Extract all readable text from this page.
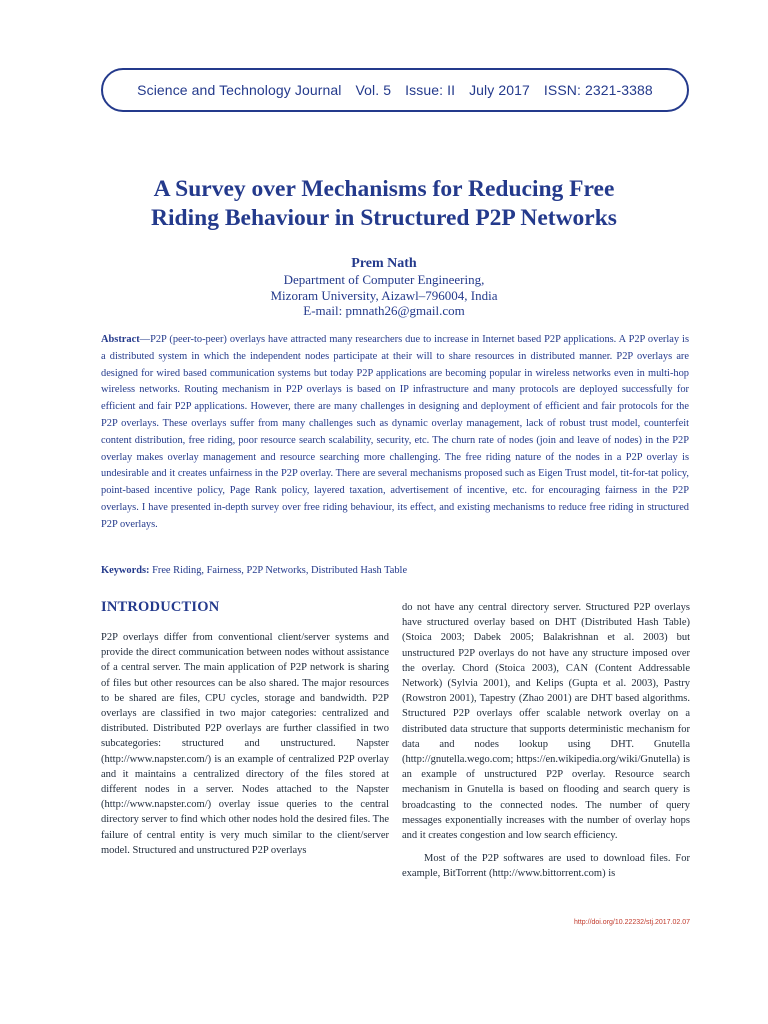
Science and Technology Journal Vol. 5 Issue: II July 2017 ISSN: 2321-3388
A Survey over Mechanisms for Reducing Free
Riding Behaviour in Structured P2P Networks
Prem Nath
Department of Computer Engineering,
Mizoram University, Aizawl–796004, India
E-mail: pmnath26@gmail.com
Abstract—P2P (peer-to-peer) overlays have attracted many researchers due to increase in Internet based P2P applications. A P2P overlay is a distributed system in which the independent nodes participate at their will to share resources in distributed manner. P2P overlays are designed for wired based communication systems but today P2P applications are becoming popular in wireless networks even in multi-hop wireless networks. Routing mechanism in P2P overlays is based on IP infrastructure and many protocols are deployed successfully for efficient and fair P2P applications. However, there are many challenges in designing and deployment of efficient and fair protocols for the P2P overlays. These overlays suffer from many challenges such as dynamic overlay management, lack of robust trust model, counterfeit content distribution, free riding, poor resource search scalability, security, etc. The churn rate of nodes (join and leave of nodes) in the P2P overlay makes overlay management and resource searching more challenging. The free riding nature of the nodes in a P2P overlay is undesirable and it creates unfairness in the P2P overlay. There are several mechanisms proposed such as Eigen Trust model, tit-for-tat policy, point-based incentive policy, Page Rank policy, layered taxation, advertisement of incentive, etc. for encouraging fairness in the P2P overlays. I have presented in-depth survey over free riding behaviour, its effect, and existing mechanisms to reduce free riding in structured P2P overlays.
Keywords: Free Riding, Fairness, P2P Networks, Distributed Hash Table
INTRODUCTION

P2P overlays differ from conventional client/server systems and provide the direct communication between nodes without assistance of a central server. The main application of P2P network is sharing of files but other resources can be also shared. The major resources to be shared are files, CPU cycles, storage and bandwidth. P2P overlays are classified in two major categories: centralized and distributed. Distributed P2P overlays are further classified in two subcategories: structured and unstructured. Napster (http://www.napster.com/) is an example of centralized P2P overlay and it maintains a centralized directory of the files stored at different nodes in a server. Nodes attached to the Napster (http://www.napster.com/) overlay issue queries to the central directory server to find which other nodes hold the desired files. The failure of central entity is very much similar to the client/server model. Structured and unstructured P2P overlays

do not have any central directory server. Structured P2P overlays have structured overlay based on DHT (Distributed Hash Table) (Stoica 2003; Dabek 2005; Balakrishnan et al. 2003) but unstructured P2P overlays do not have any structure imposed over the overlay. Chord (Stoica 2003), CAN (Content Addressable Network) (Sylvia 2001), and Kelips (Gupta et al. 2003), Pastry (Rowstron 2001), Tapestry (Zhao 2001) are DHT based algorithms. Structured P2P overlays offer scalable network overlay on a distributed data structure that supports deterministic mechanism for data and nodes lookup using DHT. Gnutella (http://gnutella.wego.com; https://en.wikipedia.org/wiki/Gnutella) is an example of unstructured P2P overlay. Resource search mechanism in Gnutella is based on flooding and search query is broadcasting to the connected nodes. The number of query messages exponentially increases with the number of overlay hops and it creates congestion and low search efficiency.

Most of the P2P softwares are used to download files. For example, BitTorrent (http://www.bittorrent.com) is

http://doi.org/10.22232/stj.2017.02.07
